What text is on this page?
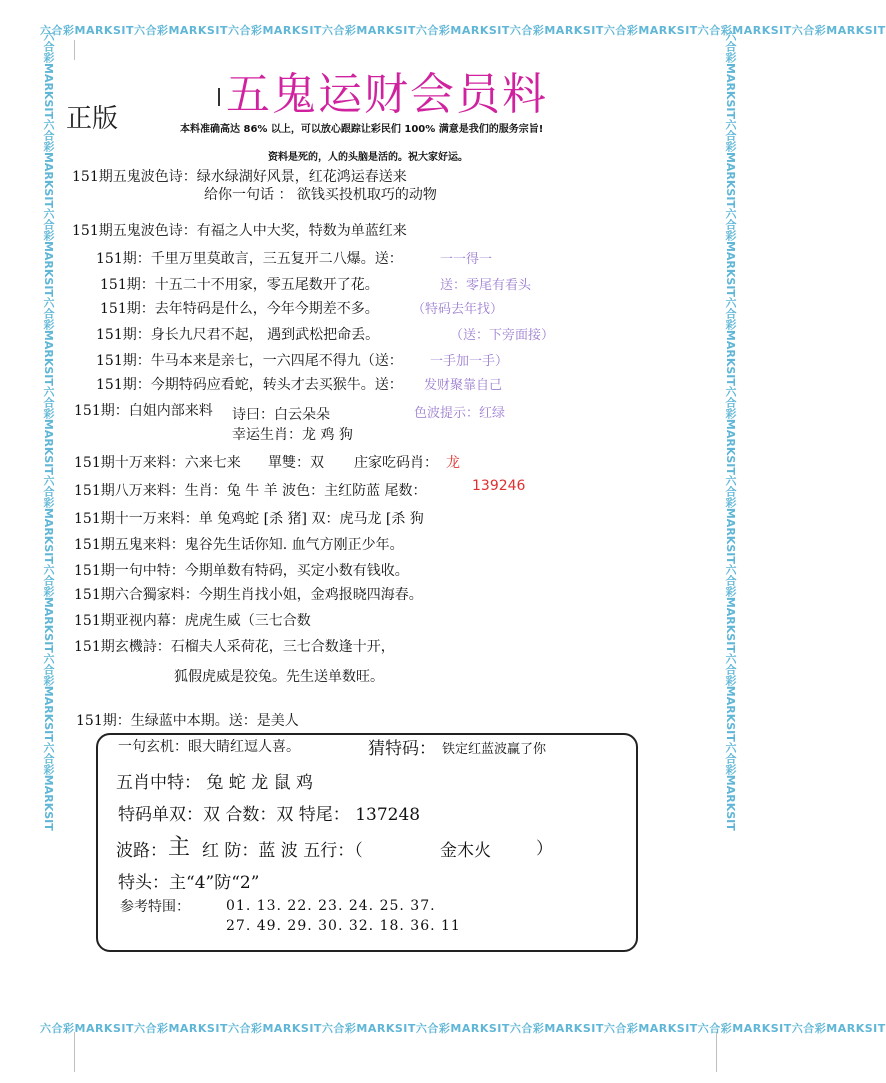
六合彩MARKSIT六合彩MARKSIT六合彩MARKSIT六合彩MARKSIT六合彩MARKSIT六合彩MARKSIT六合彩MARKSIT六合彩MARKSIT六合彩MARKSIT
六合彩MARKSIT六合彩MARKSIT六合彩MARKSIT六合彩MARKSIT六合彩MARKSIT六合彩MARKSIT六合彩MARKSIT六合彩MARKSIT六合彩MARKSIT
六合彩MARKSIT六合彩MARKSIT六合彩MARKSIT六合彩MARKSIT六合彩MARKSIT六合彩MARKSIT六合彩MARKSIT六合彩MARKSIT六合彩MARKSIT	六合彩MARKSIT六合彩MARKSIT六合彩MARKSIT六合彩MARKSIT六合彩MARKSIT六合彩MARKSIT六合彩MARKSIT六合彩MARKSIT六合彩MARKSIT
五鬼运财会员料
正版	本料准确高达 86% 以上，可以放心跟踪让彩民们 100% 满意是我们的服务宗旨!
资料是死的，人的头脑是活的。祝大家好运。
151期五鬼波色诗：绿水绿湖好风景，红花鸿运春送来
给你一句话 ： 欲钱买投机取巧的动物
151期五鬼波色诗：有福之人中大奖，特数为单蓝红来
151期：千里万里莫敢言，三五复开二八爆。送：	一一得一
151期：十五二十不用家，零五尾数开了花。	送：零尾有看头
151期：去年特码是什么，今年今期差不多。	（特码去年找）
151期：身长九尺君不起， 遇到武松把命丢。	（送：下旁面接）
151期：牛马本来是亲七，一六四尾不得九（送： 一手加一手）
151期：今期特码应看蛇，转头才去买猴牛。送： 发财聚靠自己
151期：白姐内部来料 诗曰：白云朵朵	色波提示：红绿
幸运生肖：龙 鸡 狗
151期十万来料：六来七来 單雙：双 庄家吃码肖： 龙
151期八万来料：生肖：兔 牛 羊 波色：主红防蓝 尾数：	139246
151期十一万来料：单 兔鸡蛇 [杀 猪] 双：虎马龙 [杀 狗
151期五鬼来料：鬼谷先生话你知. 血气方刚正少年。
151期一句中特：今期单数有特码，买定小数有钱收。
151期六合獨家料：今期生肖找小姐，金鸡报晓四海春。
151期亚视内幕：虎虎生威（三七合数
151期玄機詩：石榴夫人采荷花，三七合数逢十开，
狐假虎威是狡兔。先生送单数旺。
151期：生绿蓝中本期。送：是美人
一句玄机：眼大睛红逗人喜。	猜特码： 铁定红蓝波赢了你
五肖中特： 兔 蛇 龙 鼠 鸡
特码单双：双 合数：双 特尾： 137248
波路： 主 红 防：蓝 波 五行：（	金木火	）
特头：主“4”防“2”
参考特围：	01. 13. 22. 23. 24. 25. 37.
27. 49. 29. 30. 32. 18. 36. 11
